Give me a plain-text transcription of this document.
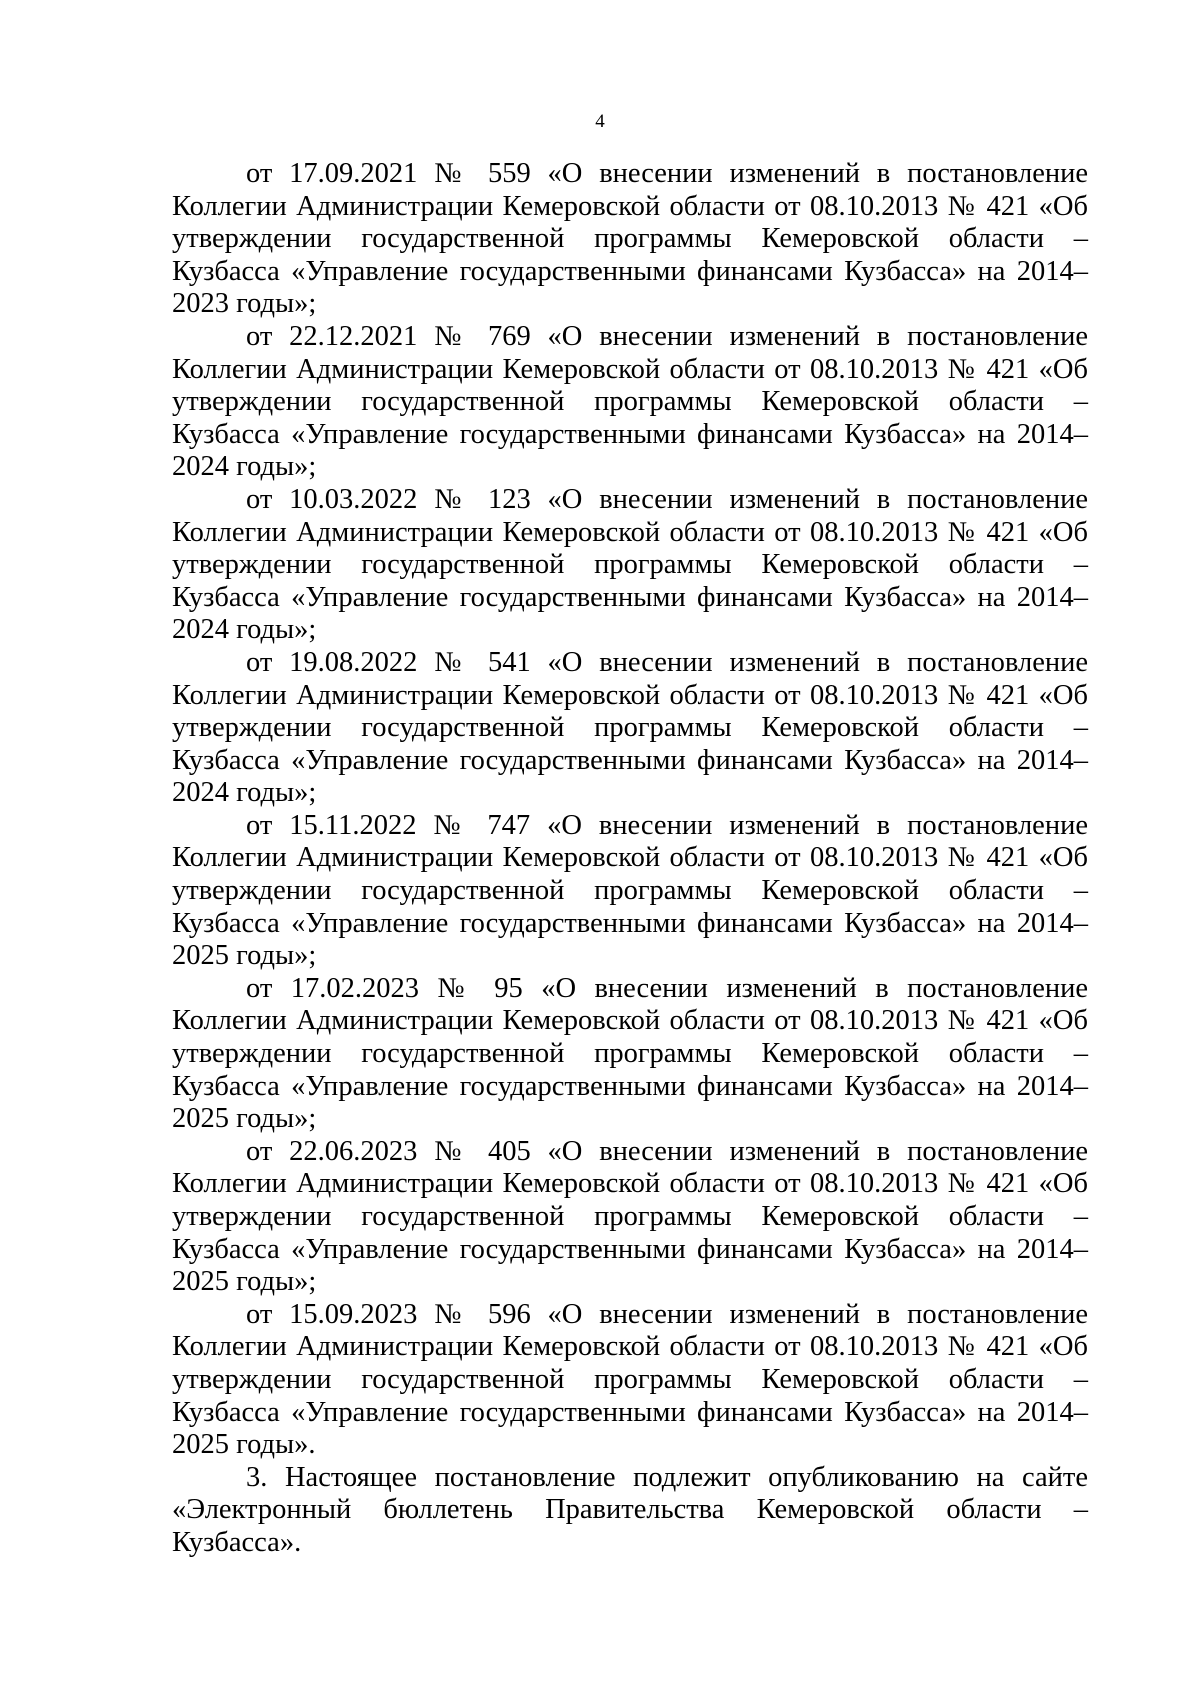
4

от 17.09.2021 № 559 «О внесении изменений в постановление Коллегии Администрации Кемеровской области от 08.10.2013 № 421 «Об утверждении государственной программы Кемеровской области – Кузбасса «Управление государственными финансами Кузбасса» на 2014–2023 годы»;

от 22.12.2021 № 769 «О внесении изменений в постановление Коллегии Администрации Кемеровской области от 08.10.2013 № 421 «Об утверждении государственной программы Кемеровской области – Кузбасса «Управление государственными финансами Кузбасса» на 2014–2024 годы»;

от 10.03.2022 № 123 «О внесении изменений в постановление Коллегии Администрации Кемеровской области от 08.10.2013 № 421 «Об утверждении государственной программы Кемеровской области – Кузбасса «Управление государственными финансами Кузбасса» на 2014–2024 годы»;

от 19.08.2022 № 541 «О внесении изменений в постановление Коллегии Администрации Кемеровской области от 08.10.2013 № 421 «Об утверждении государственной программы Кемеровской области – Кузбасса «Управление государственными финансами Кузбасса» на 2014–2024 годы»;

от 15.11.2022 № 747 «О внесении изменений в постановление Коллегии Администрации Кемеровской области от 08.10.2013 № 421 «Об утверждении государственной программы Кемеровской области – Кузбасса «Управление государственными финансами Кузбасса» на 2014–2025 годы»;

от 17.02.2023 № 95 «О внесении изменений в постановление Коллегии Администрации Кемеровской области от 08.10.2013 № 421 «Об утверждении государственной программы Кемеровской области – Кузбасса «Управление государственными финансами Кузбасса» на 2014–2025 годы»;

от 22.06.2023 № 405 «О внесении изменений в постановление Коллегии Администрации Кемеровской области от 08.10.2013 № 421 «Об утверждении государственной программы Кемеровской области – Кузбасса «Управление государственными финансами Кузбасса» на 2014–2025 годы»;

от 15.09.2023 № 596 «О внесении изменений в постановление Коллегии Администрации Кемеровской области от 08.10.2013 № 421 «Об утверждении государственной программы Кемеровской области – Кузбасса «Управление государственными финансами Кузбасса» на 2014–2025 годы».

3. Настоящее постановление подлежит опубликованию на сайте «Электронный бюллетень Правительства Кемеровской области – Кузбасса».
